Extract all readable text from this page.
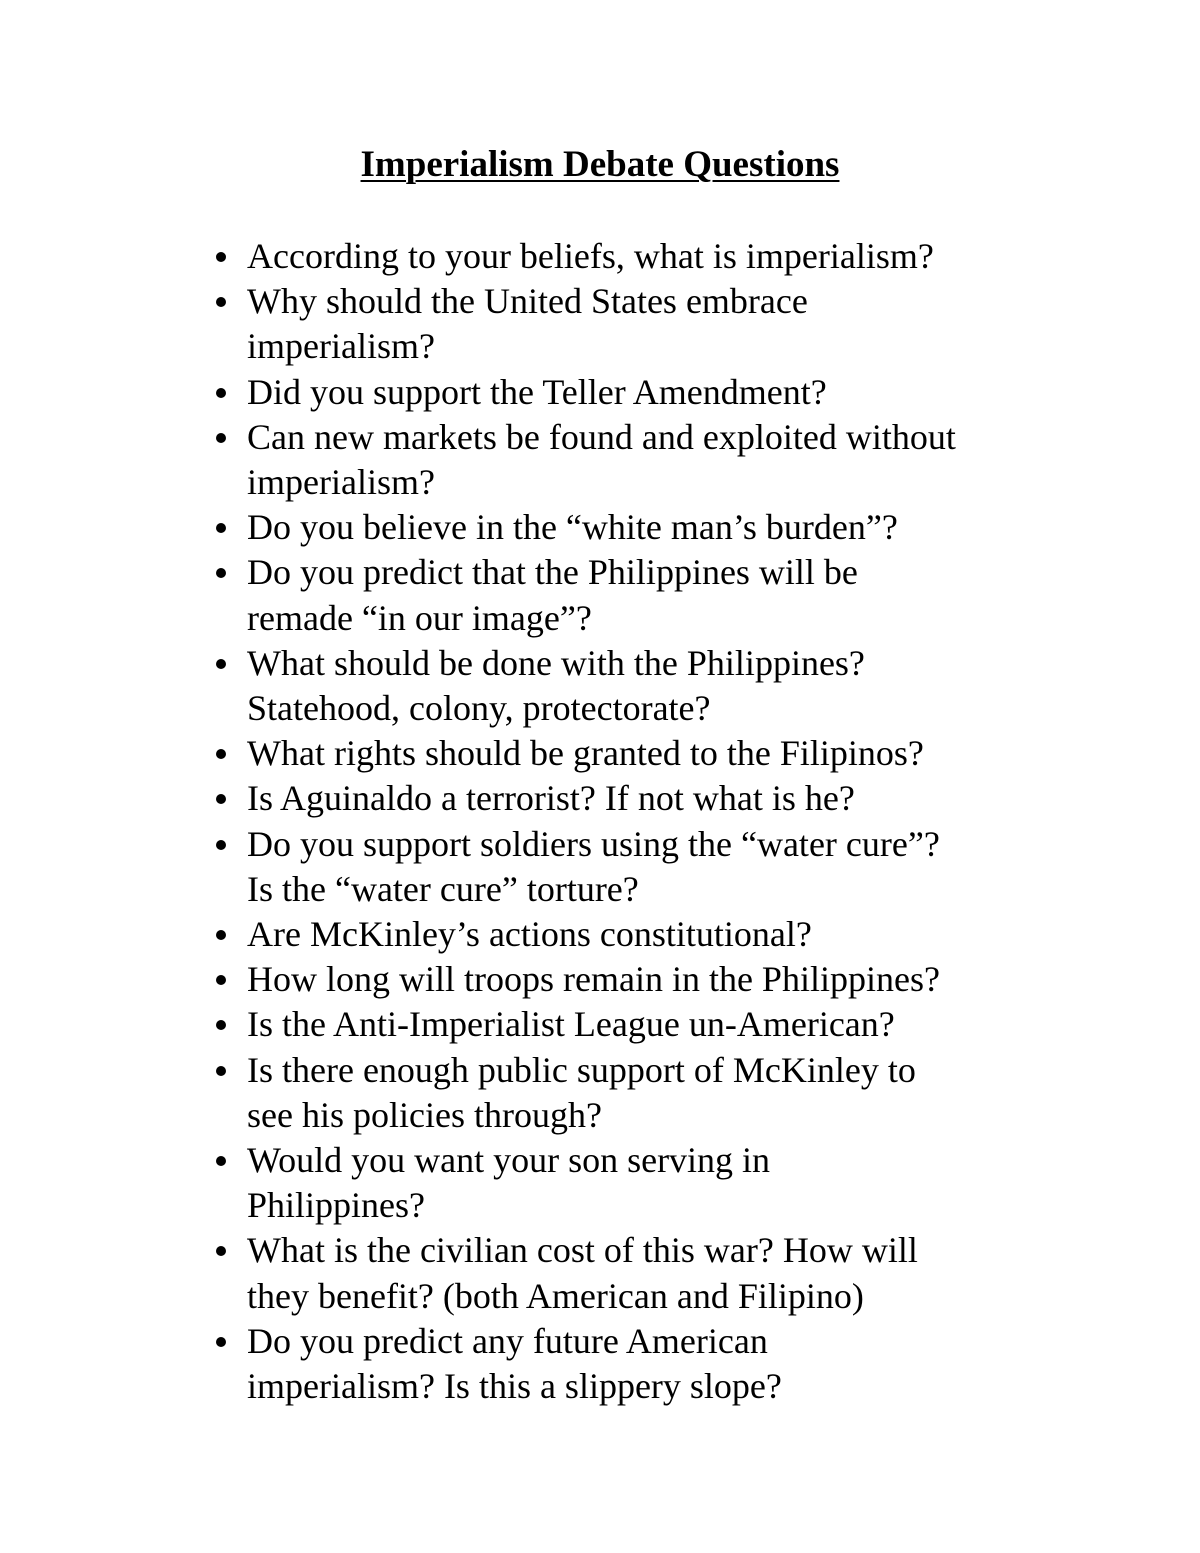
Imperialism Debate Questions
According to your beliefs, what is imperialism?
Why should the United States embrace
imperialism?
Did you support the Teller Amendment?
Can new markets be found and exploited without
imperialism?
Do you believe in the “white man’s burden”?
Do you predict that the Philippines will be
remade “in our image”?
What should be done with the Philippines?
Statehood, colony, protectorate?
What rights should be granted to the Filipinos?
Is Aguinaldo a terrorist? If not what is he?
Do you support soldiers using the “water cure”?
Is the “water cure” torture?
Are McKinley’s actions constitutional?
How long will troops remain in the Philippines?
Is the Anti-Imperialist League un-American?
Is there enough public support of McKinley to
see his policies through?
Would you want your son serving in
Philippines?
What is the civilian cost of this war? How will
they benefit? (both American and Filipino)
Do you predict any future American
imperialism? Is this a slippery slope?
